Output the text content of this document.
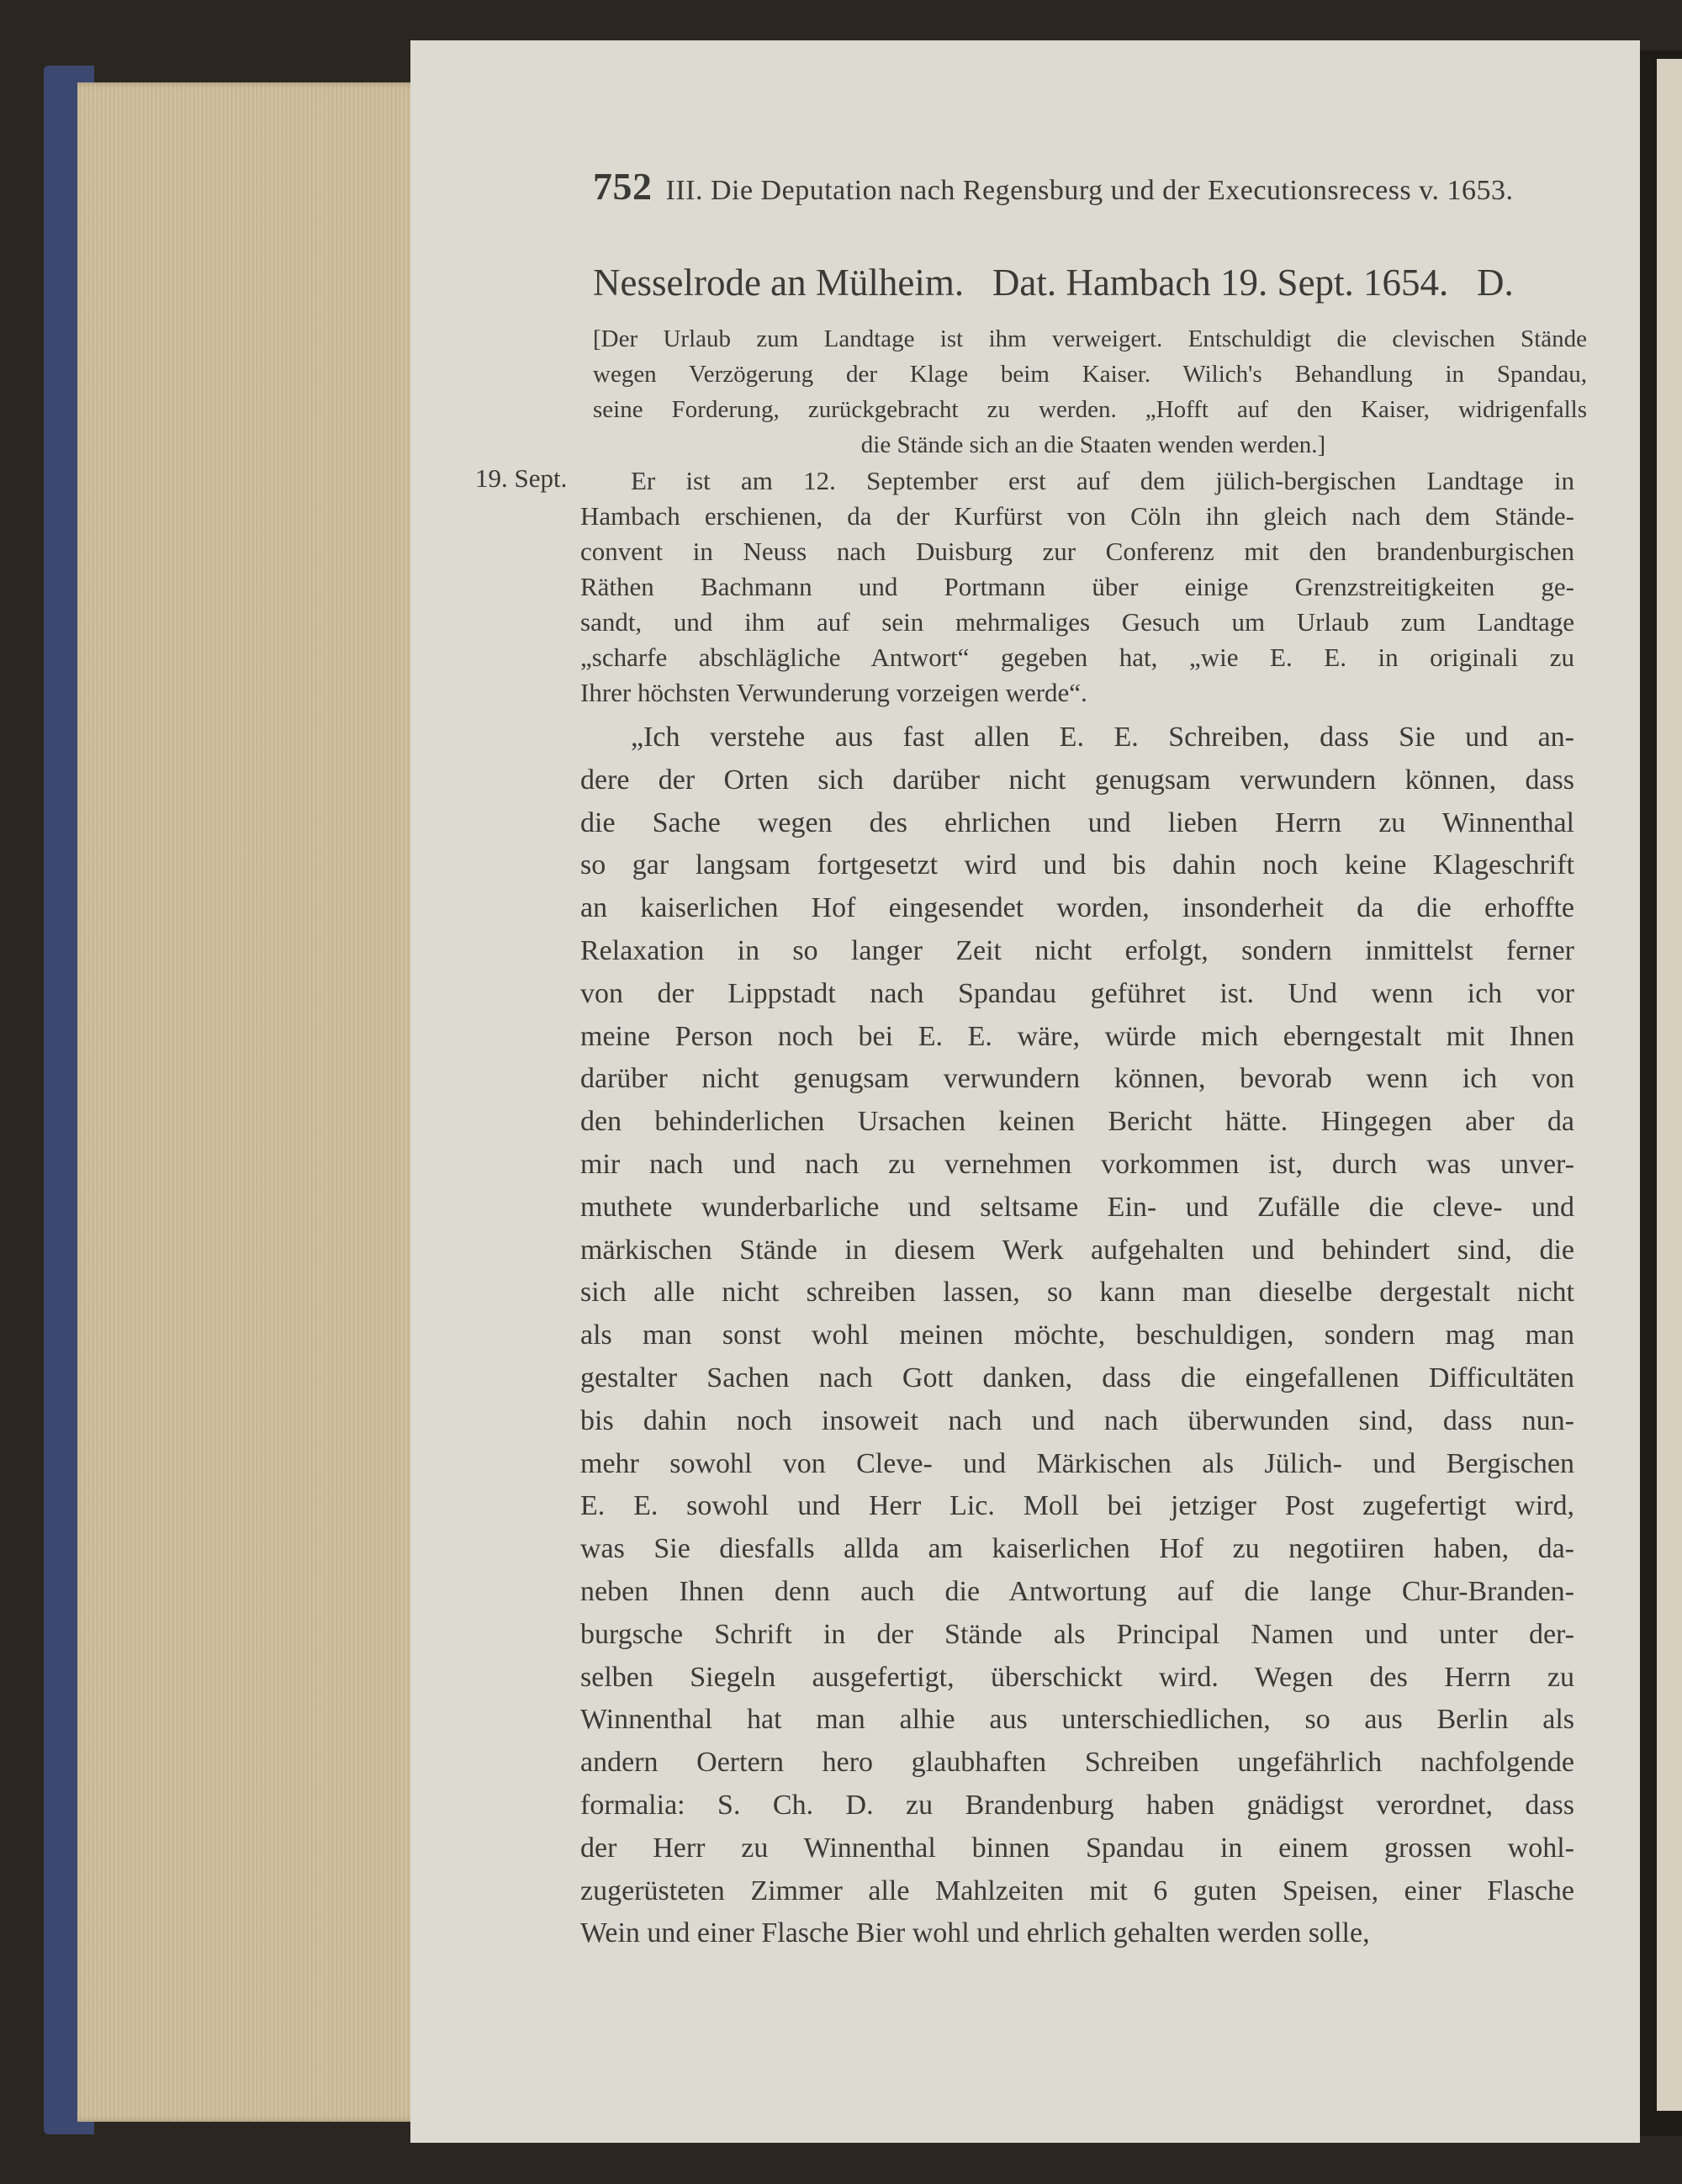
752 III. Die Deputation nach Regensburg und der Executionsrecess v. 1653.
Nesselrode an Mülheim.   Dat. Hambach 19. Sept. 1654.   D.
[Der Urlaub zum Landtage ist ihm verweigert. Entschuldigt die clevischen Stände
wegen Verzögerung der Klage beim Kaiser. Wilich's Behandlung in Spandau,
seine Forderung, zurückgebracht zu werden. „Hofft auf den Kaiser, widrigenfalls
die Stände sich an die Staaten wenden werden.]
19. Sept.	Er ist am 12. September erst auf dem jülich-bergischen Landtage in
Hambach erschienen, da der Kurfürst von Cöln ihn gleich nach dem Stände-
convent in Neuss nach Duisburg zur Conferenz mit den brandenburgischen
Räthen Bachmann und Portmann über einige Grenzstreitigkeiten ge-
sandt, und ihm auf sein mehrmaliges Gesuch um Urlaub zum Landtage
„scharfe abschlägliche Antwort“ gegeben hat, „wie E. E. in originali zu
Ihrer höchsten Verwunderung vorzeigen werde“.
„Ich verstehe aus fast allen E. E. Schreiben, dass Sie und an-
dere der Orten sich darüber nicht genugsam verwundern können, dass
die Sache wegen des ehrlichen und lieben Herrn zu Winnenthal
so gar langsam fortgesetzt wird und bis dahin noch keine Klageschrift
an kaiserlichen Hof eingesendet worden, insonderheit da die erhoffte
Relaxation in so langer Zeit nicht erfolgt, sondern inmittelst ferner
von der Lippstadt nach Spandau geführet ist. Und wenn ich vor
meine Person noch bei E. E. wäre, würde mich eberngestalt mit Ihnen
darüber nicht genugsam verwundern können, bevorab wenn ich von
den behinderlichen Ursachen keinen Bericht hätte. Hingegen aber da
mir nach und nach zu vernehmen vorkommen ist, durch was unver-
muthete wunderbarliche und seltsame Ein- und Zufälle die cleve- und
märkischen Stände in diesem Werk aufgehalten und behindert sind, die
sich alle nicht schreiben lassen, so kann man dieselbe dergestalt nicht
als man sonst wohl meinen möchte, beschuldigen, sondern mag man
gestalter Sachen nach Gott danken, dass die eingefallenen Difficultäten
bis dahin noch insoweit nach und nach überwunden sind, dass nun-
mehr sowohl von Cleve- und Märkischen als Jülich- und Bergischen
E. E. sowohl und Herr Lic. Moll bei jetziger Post zugefertigt wird,
was Sie diesfalls allda am kaiserlichen Hof zu negotiiren haben, da-
neben Ihnen denn auch die Antwortung auf die lange Chur-Branden-
burgsche Schrift in der Stände als Principal Namen und unter der-
selben Siegeln ausgefertigt, überschickt wird. Wegen des Herrn zu
Winnenthal hat man alhie aus unterschiedlichen, so aus Berlin als
andern Oertern hero glaubhaften Schreiben ungefährlich nachfolgende
formalia: S. Ch. D. zu Brandenburg haben gnädigst verordnet, dass
der Herr zu Winnenthal binnen Spandau in einem grossen wohl-
zugerüsteten Zimmer alle Mahlzeiten mit 6 guten Speisen, einer Flasche
Wein und einer Flasche Bier wohl und ehrlich gehalten werden solle,
